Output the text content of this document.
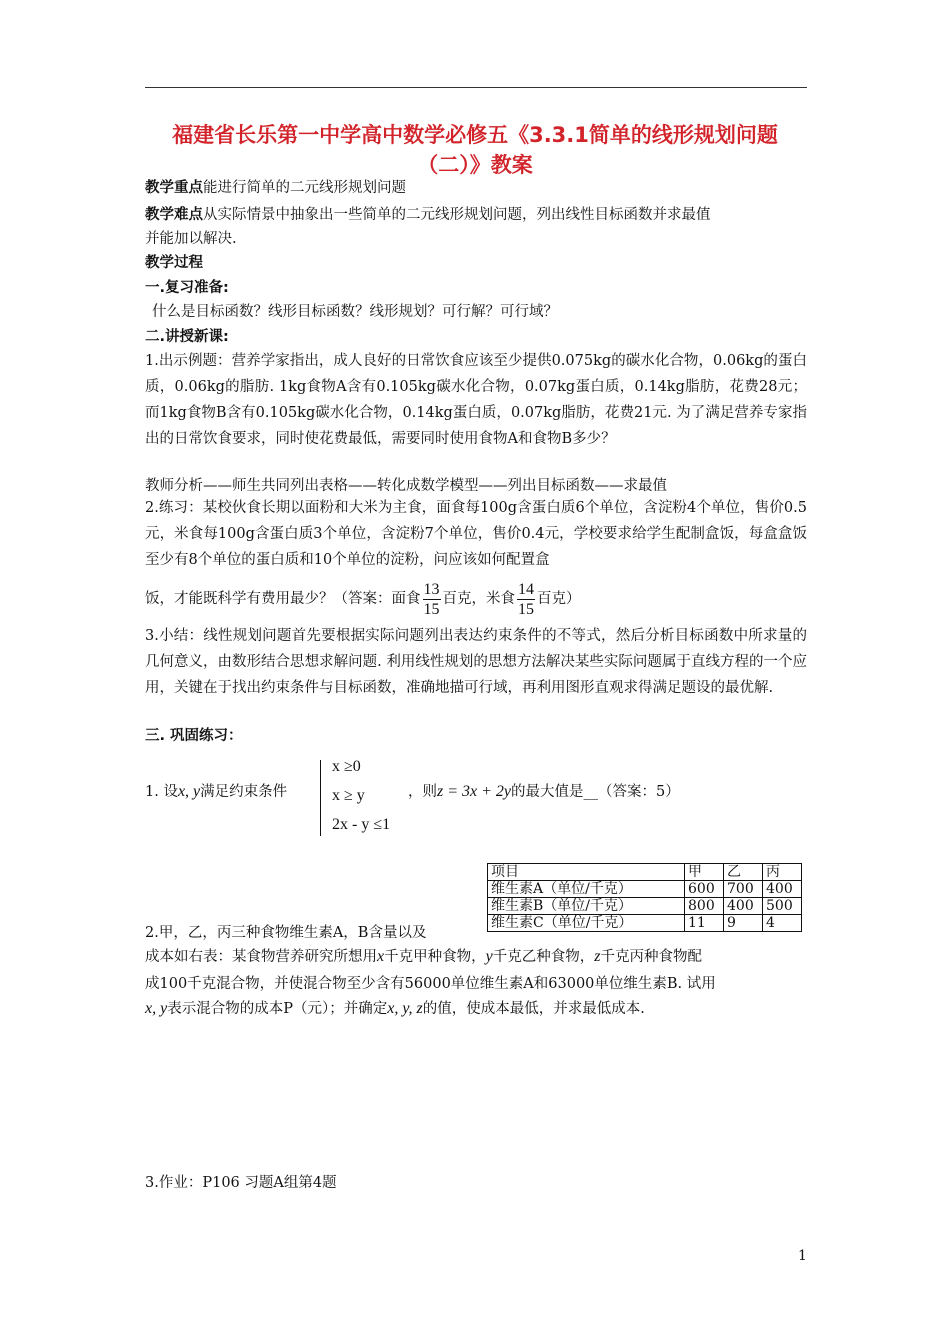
福建省长乐第一中学高中数学必修五《3.3.1简单的线形规划问题
（二）》教案
教学重点能进行简单的二元线形规划问题
教学难点从实际情景中抽象出一些简单的二元线形规划问题，列出线性目标函数并求最值
并能加以解决.
教学过程
一.复习准备:
什么是目标函数？线形目标函数？线形规划？可行解？可行域？
二.讲授新课:
1.出示例题：营养学家指出，成人良好的日常饮食应该至少提供0.075kg的碳水化合物，0.06kg的蛋白质，0.06kg的脂肪. 1kg食物A含有0.105kg碳水化合物，0.07kg蛋白质，0.14kg脂肪，花费28元；而1kg食物B含有0.105kg碳水化合物，0.14kg蛋白质，0.07kg脂肪，花费21元. 为了满足营养专家指出的日常饮食要求，同时使花费最低，需要同时使用食物A和食物B多少？
教师分析——师生共同列出表格——转化成数学模型——列出目标函数——求最值
2.练习：某校伙食长期以面粉和大米为主食，面食每100g含蛋白质6个单位，含淀粉4个单位，售价0.5元，米食每100g含蛋白质3个单位，含淀粉7个单位，售价0.4元，学校要求给学生配制盒饭，每盒盒饭至少有8个单位的蛋白质和10个单位的淀粉，问应该如何配置盒
饭，才能既科学有费用最少？（答案：面食 $\frac{13}{15}$ 百克，米食 $\frac{14}{15}$ 百克）
3.小结：线性规划问题首先要根据实际问题列出表达约束条件的不等式，然后分析目标函数中所求量的几何意义，由数形结合思想求解问题. 利用线性规划的思想方法解决某些实际问题属于直线方程的一个应用，关键在于找出约束条件与目标函数，准确地描可行域，再利用图形直观求得满足题设的最优解.
三. 巩固练习：
1. 设x, y满足约束条件
x ≥0
x ≥ y
2x - y ≤1
，则z = 3x + 2y的最大值是__（答案：5）
项目	甲	乙	丙
维生素A（单位/千克）	600	700	400
维生素B（单位/千克）	800	400	500
维生素C（单位/千克）	11	9	4
2.甲，乙，丙三种食物维生素A，B含量以及
成本如右表：某食物营养研究所想用x千克甲种食物，y千克乙种食物，z千克丙种食物配
成100千克混合物，并使混合物至少含有56000单位维生素A和63000单位维生素B. 试用
x, y表示混合物的成本P（元）；并确定x, y, z的值，使成本最低，并求最低成本.
3.作业：P106 习题A组第4题
1
